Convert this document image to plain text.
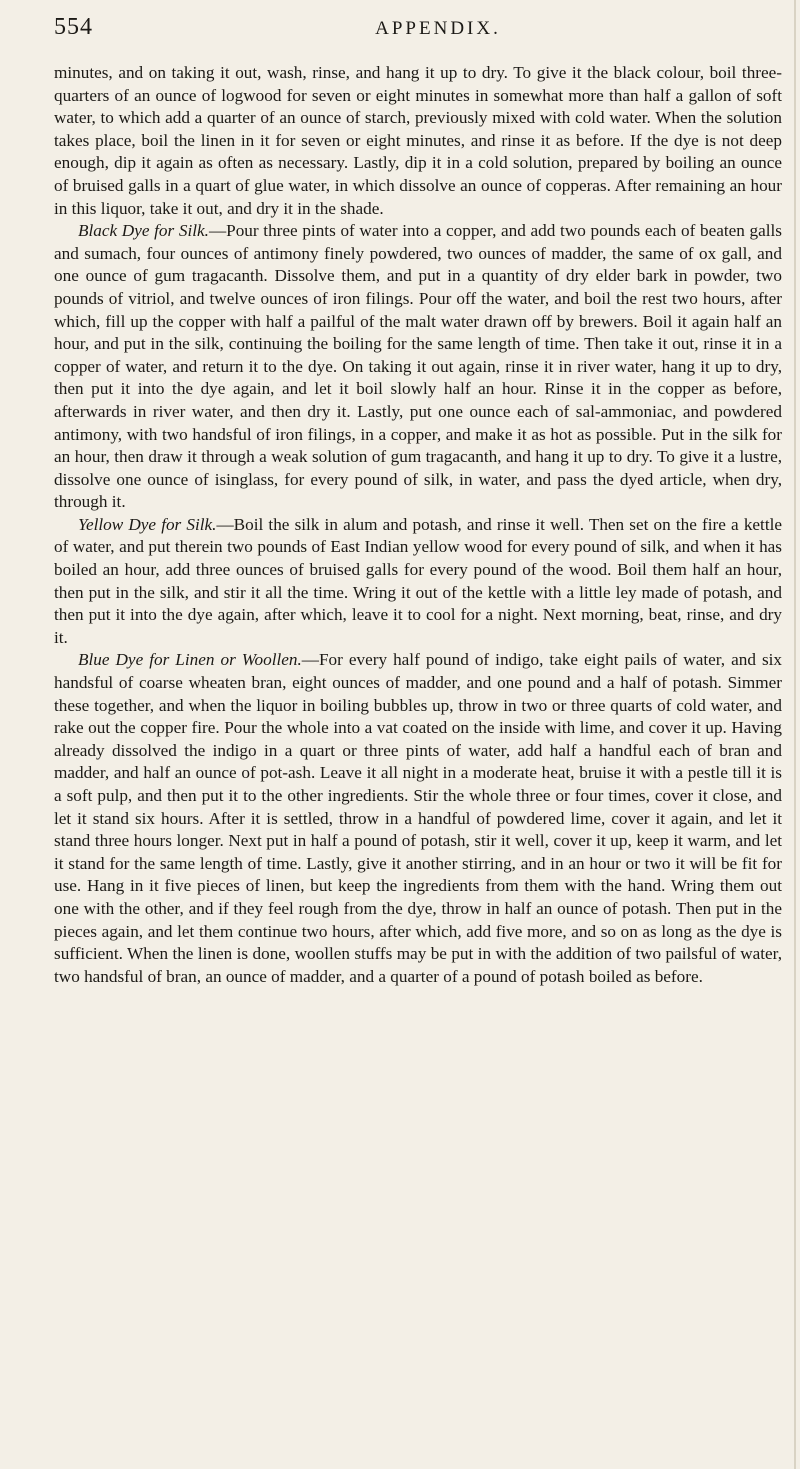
554	APPENDIX.

minutes, and on taking it out, wash, rinse, and hang it up to dry. To give it the black colour, boil three-quarters of an ounce of logwood for seven or eight minutes in somewhat more than half a gallon of soft water, to which add a quarter of an ounce of starch, previously mixed with cold water. When the solution takes place, boil the linen in it for seven or eight minutes, and rinse it as before. If the dye is not deep enough, dip it again as often as necessary. Lastly, dip it in a cold solution, prepared by boiling an ounce of bruised galls in a quart of glue water, in which dissolve an ounce of copperas. After remaining an hour in this liquor, take it out, and dry it in the shade.

Black Dye for Silk.—Pour three pints of water into a copper, and add two pounds each of beaten galls and sumach, four ounces of antimony finely powdered, two ounces of madder, the same of ox gall, and one ounce of gum tragacanth. Dissolve them, and put in a quantity of dry elder bark in powder, two pounds of vitriol, and twelve ounces of iron filings. Pour off the water, and boil the rest two hours, after which, fill up the copper with half a pailful of the malt water drawn off by brewers. Boil it again half an hour, and put in the silk, continuing the boiling for the same length of time. Then take it out, rinse it in a copper of water, and return it to the dye. On taking it out again, rinse it in river water, hang it up to dry, then put it into the dye again, and let it boil slowly half an hour. Rinse it in the copper as before, afterwards in river water, and then dry it. Lastly, put one ounce each of sal-ammoniac, and powdered antimony, with two handsful of iron filings, in a copper, and make it as hot as possible. Put in the silk for an hour, then draw it through a weak solution of gum tragacanth, and hang it up to dry. To give it a lustre, dissolve one ounce of isinglass, for every pound of silk, in water, and pass the dyed article, when dry, through it.

Yellow Dye for Silk.—Boil the silk in alum and potash, and rinse it well. Then set on the fire a kettle of water, and put therein two pounds of East Indian yellow wood for every pound of silk, and when it has boiled an hour, add three ounces of bruised galls for every pound of the wood. Boil them half an hour, then put in the silk, and stir it all the time. Wring it out of the kettle with a little ley made of potash, and then put it into the dye again, after which, leave it to cool for a night. Next morning, beat, rinse, and dry it.

Blue Dye for Linen or Woollen.—For every half pound of indigo, take eight pails of water, and six handsful of coarse wheaten bran, eight ounces of madder, and one pound and a half of potash. Simmer these together, and when the liquor in boiling bubbles up, throw in two or three quarts of cold water, and rake out the copper fire. Pour the whole into a vat coated on the inside with lime, and cover it up. Having already dissolved the indigo in a quart or three pints of water, add half a handful each of bran and madder, and half an ounce of pot-ash. Leave it all night in a moderate heat, bruise it with a pestle till it is a soft pulp, and then put it to the other ingredients. Stir the whole three or four times, cover it close, and let it stand six hours. After it is settled, throw in a handful of powdered lime, cover it again, and let it stand three hours longer. Next put in half a pound of potash, stir it well, cover it up, keep it warm, and let it stand for the same length of time. Lastly, give it another stirring, and in an hour or two it will be fit for use. Hang in it five pieces of linen, but keep the ingredients from them with the hand. Wring them out one with the other, and if they feel rough from the dye, throw in half an ounce of potash. Then put in the pieces again, and let them continue two hours, after which, add five more, and so on as long as the dye is sufficient. When the linen is done, woollen stuffs may be put in with the addition of two pailsful of water, two handsful of bran, an ounce of madder, and a quarter of a pound of potash boiled as before.
